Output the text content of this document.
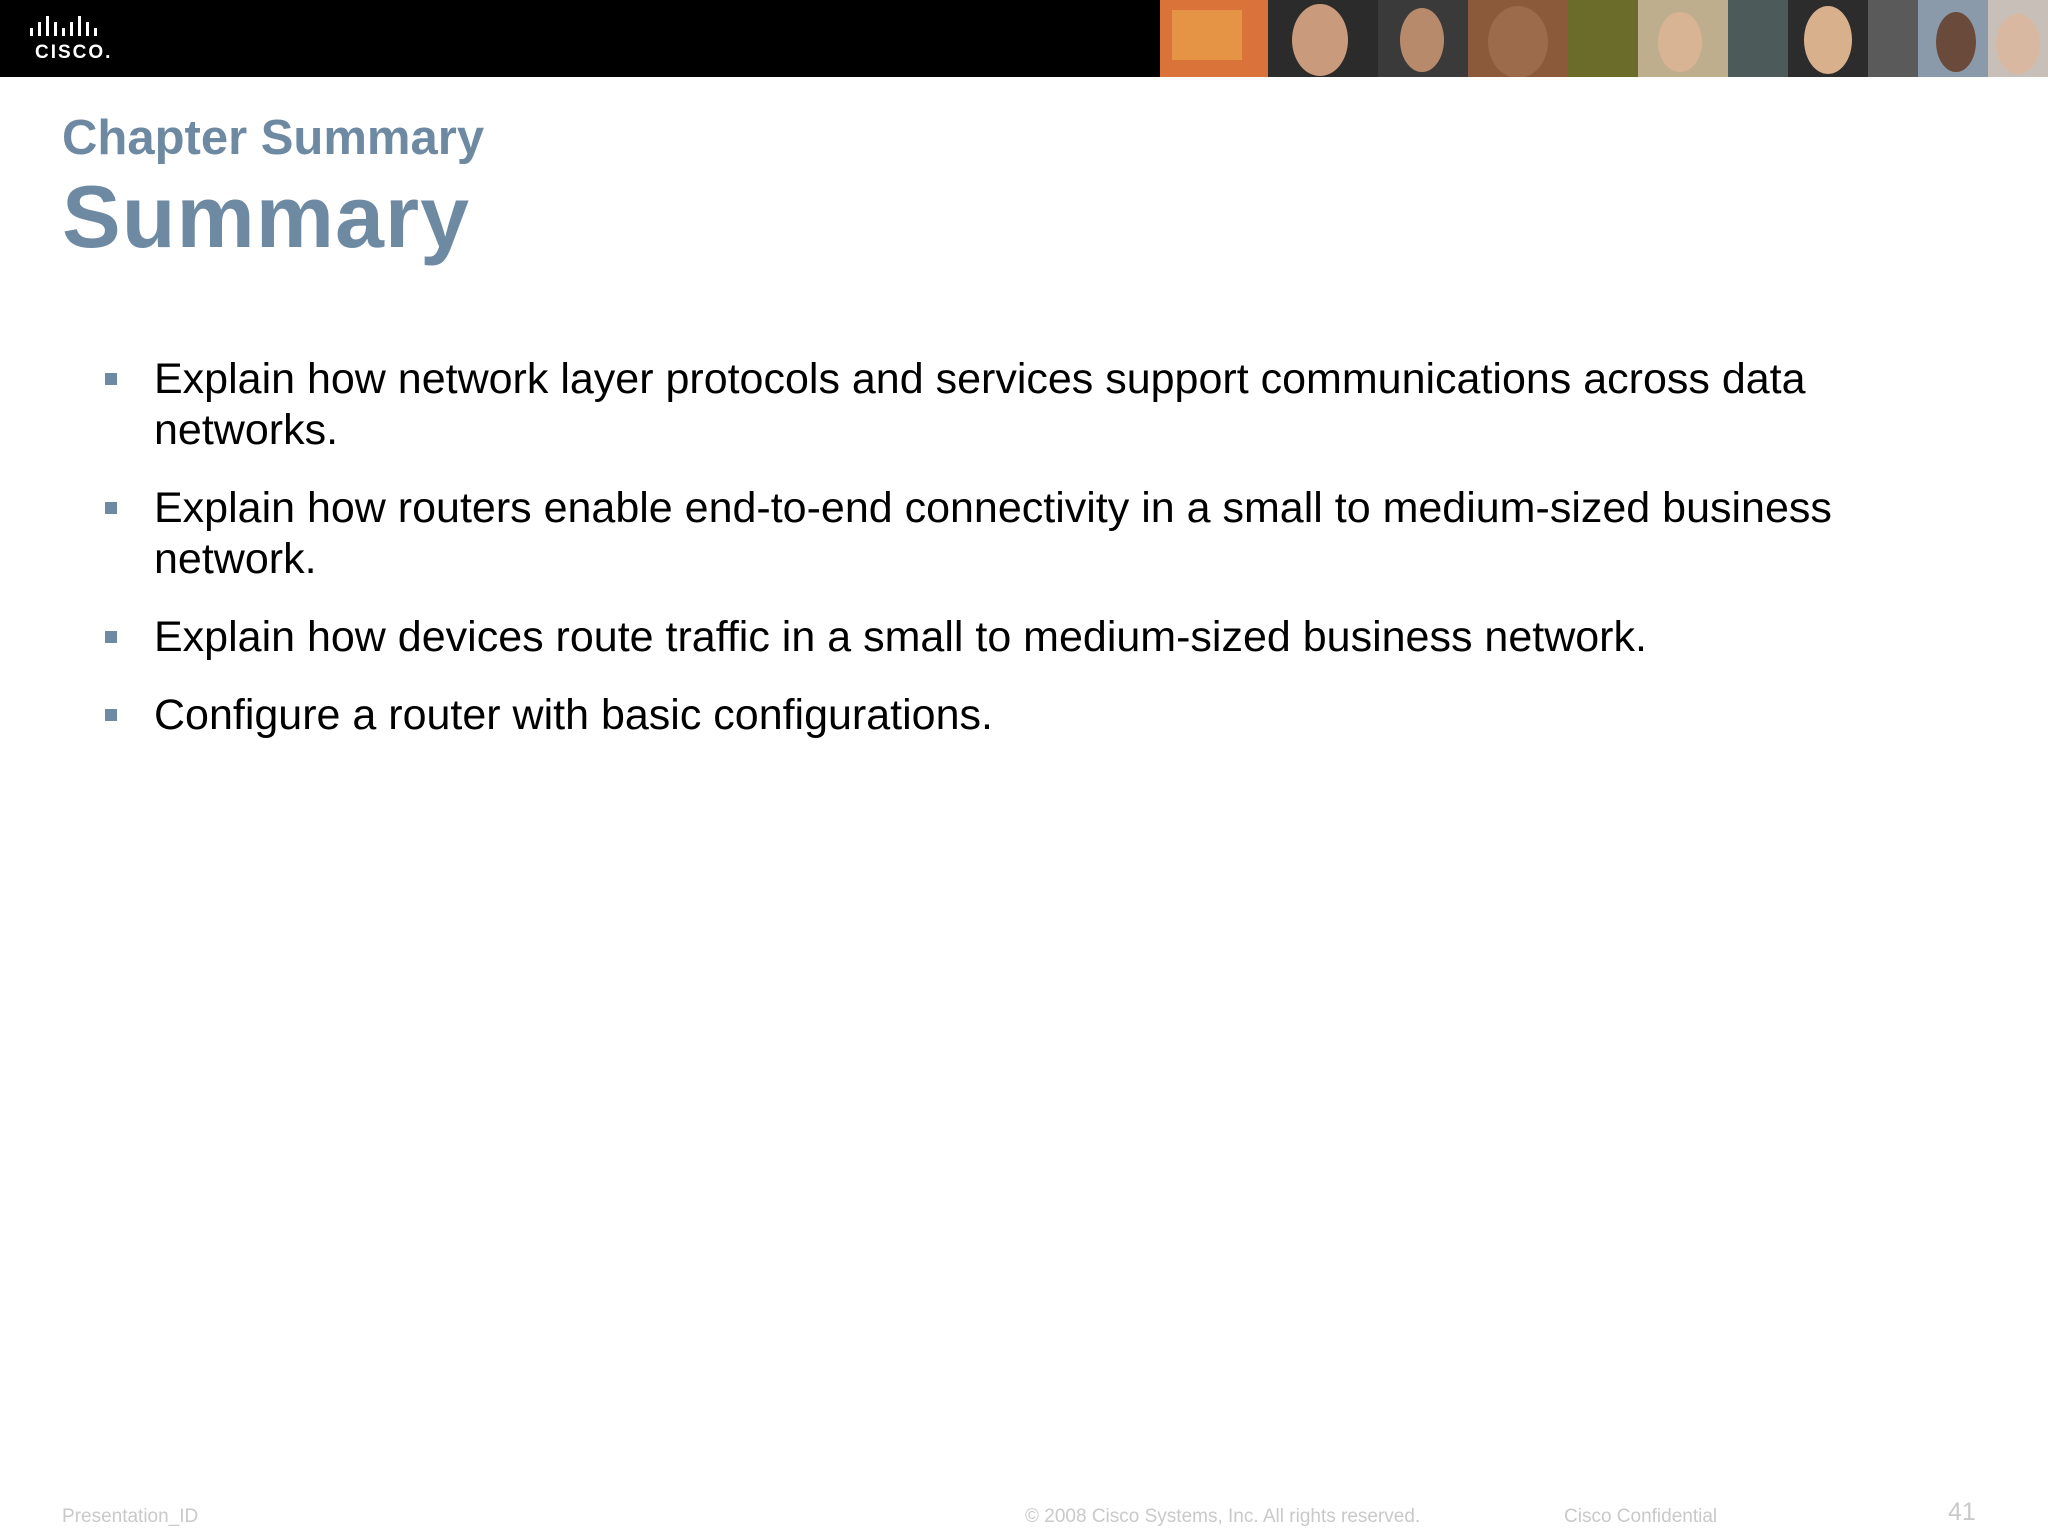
CISCO.
Chapter Summary
Summary
Explain how network layer protocols and services support communications across data networks.
Explain how routers enable end-to-end connectivity in a small to medium-sized business network.
Explain how devices route traffic in a small to medium-sized business network.
Configure a router with basic configurations.
Presentation_ID	© 2008 Cisco Systems, Inc. All rights reserved.	Cisco Confidential	41
